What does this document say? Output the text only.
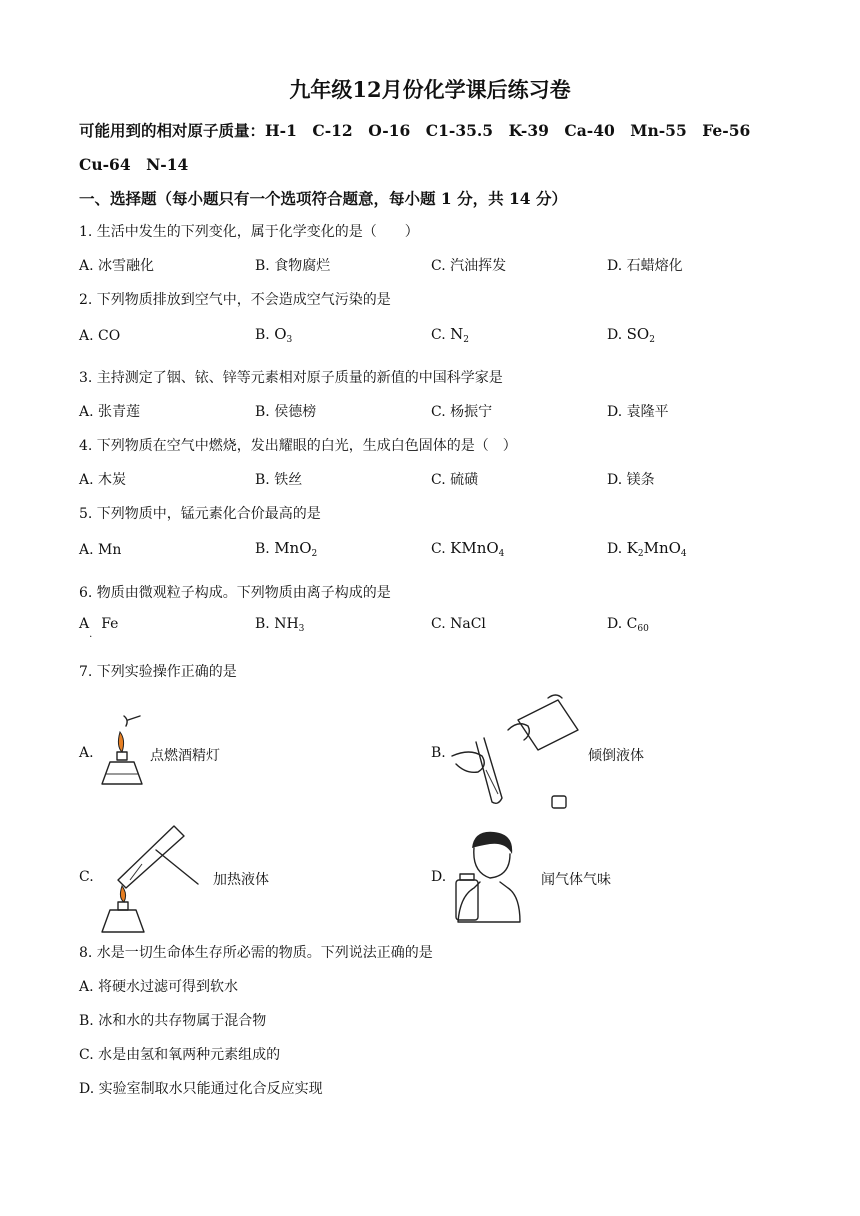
九年级12月份化学课后练习卷
可能用到的相对原子质量：H-1　C-12　O-16　C1-35.5　K-39　Ca-40　Mn-55　Fe-56
Cu-64　N-14
一、选择题（每小题只有一个选项符合题意，每小题 1 分，共 14 分）
1. 生活中发生的下列变化，属于化学变化的是（　　）
A. 冰雪融化	B. 食物腐烂	C. 汽油挥发	D. 石蜡熔化
2. 下列物质排放到空气中，不会造成空气污染的是
A. CO	B. $O_3$	C. $N_2$	D. $SO_2$
3. 主持测定了铟、铱、锌等元素相对原子质量的新值的中国科学家是
A. 张青莲	B. 侯德榜	C. 杨振宁	D. 袁隆平
4. 下列物质在空气中燃烧，发出耀眼的白光，生成白色固体的是（　）
A. 木炭	B. 铁丝	C. 硫磺	D. 镁条
5. 下列物质中，锰元素化合价最高的是
A. Mn	B. MnO$_2$	C. KMnO$_4$	D. $K_2MnO_4$
6. 物质由微观粒子构成。下列物质由离子构成的是
$A_.$  Fe	B. $NH_3$	C. NaCl	D. $C_{60}$
7. 下列实验操作正确的是
A.	点燃酒精灯	B.	倾倒液体
C.	加热液体	D.	闻气体气味
8. 水是一切生命体生存所必需的物质。下列说法正确的是
A. 将硬水过滤可得到软水
B. 冰和水的共存物属于混合物
C. 水是由氢和氧两种元素组成的
D. 实验室制取水只能通过化合反应实现
